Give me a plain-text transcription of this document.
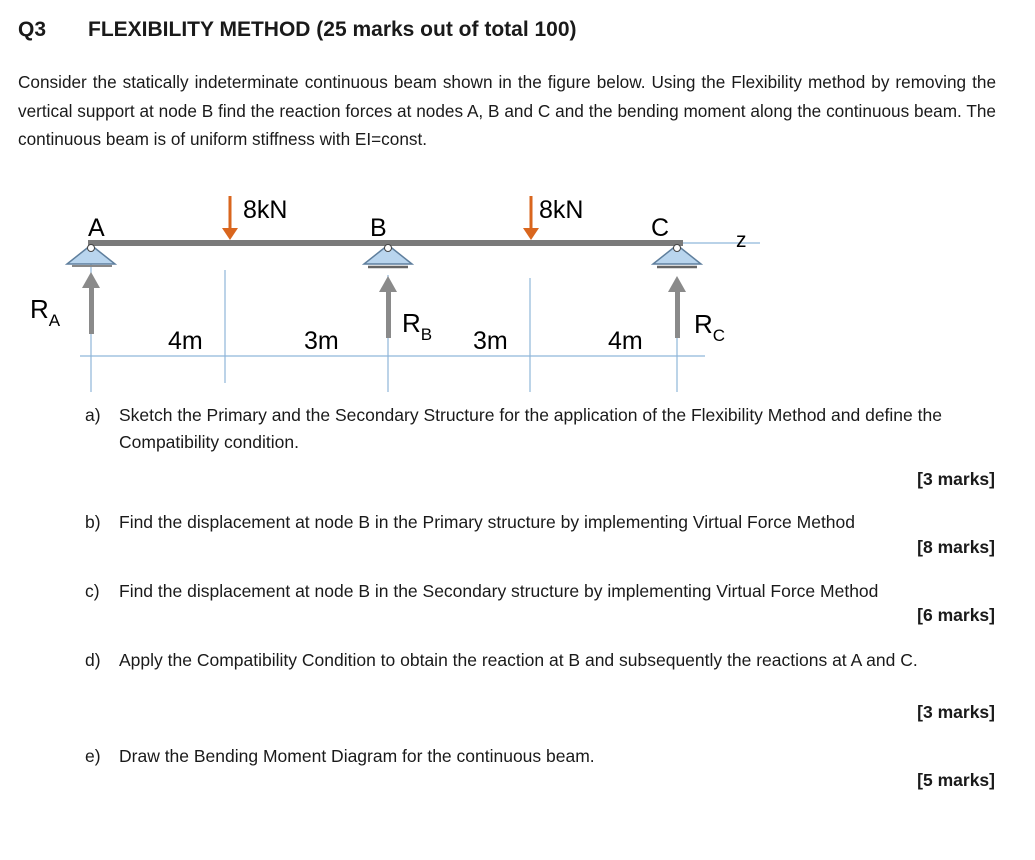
Q3 FLEXIBILITY METHOD (25 marks out of total 100)
Consider the statically indeterminate continuous beam shown in the figure below. Using the Flexibility method by removing the vertical support at node B find the reaction forces at nodes A, B and C and the bending moment along the continuous beam. The continuous beam is of uniform stiffness with EI=const.
A	B	C
8kN	8kN
z
$R_A$	$R_B$	$R_C$
4m	3m	3m	4m
a) Sketch the Primary and the Secondary Structure for the application of the Flexibility Method and define the Compatibility condition.
[3 marks]
b) Find the displacement at node B in the Primary structure by implementing Virtual Force Method
[8 marks]
c) Find the displacement at node B in the Secondary structure by implementing Virtual Force Method
[6 marks]
d) Apply the Compatibility Condition to obtain the reaction at B and subsequently the reactions at A and C.
[3 marks]
e) Draw the Bending Moment Diagram for the continuous beam.
[5 marks]
